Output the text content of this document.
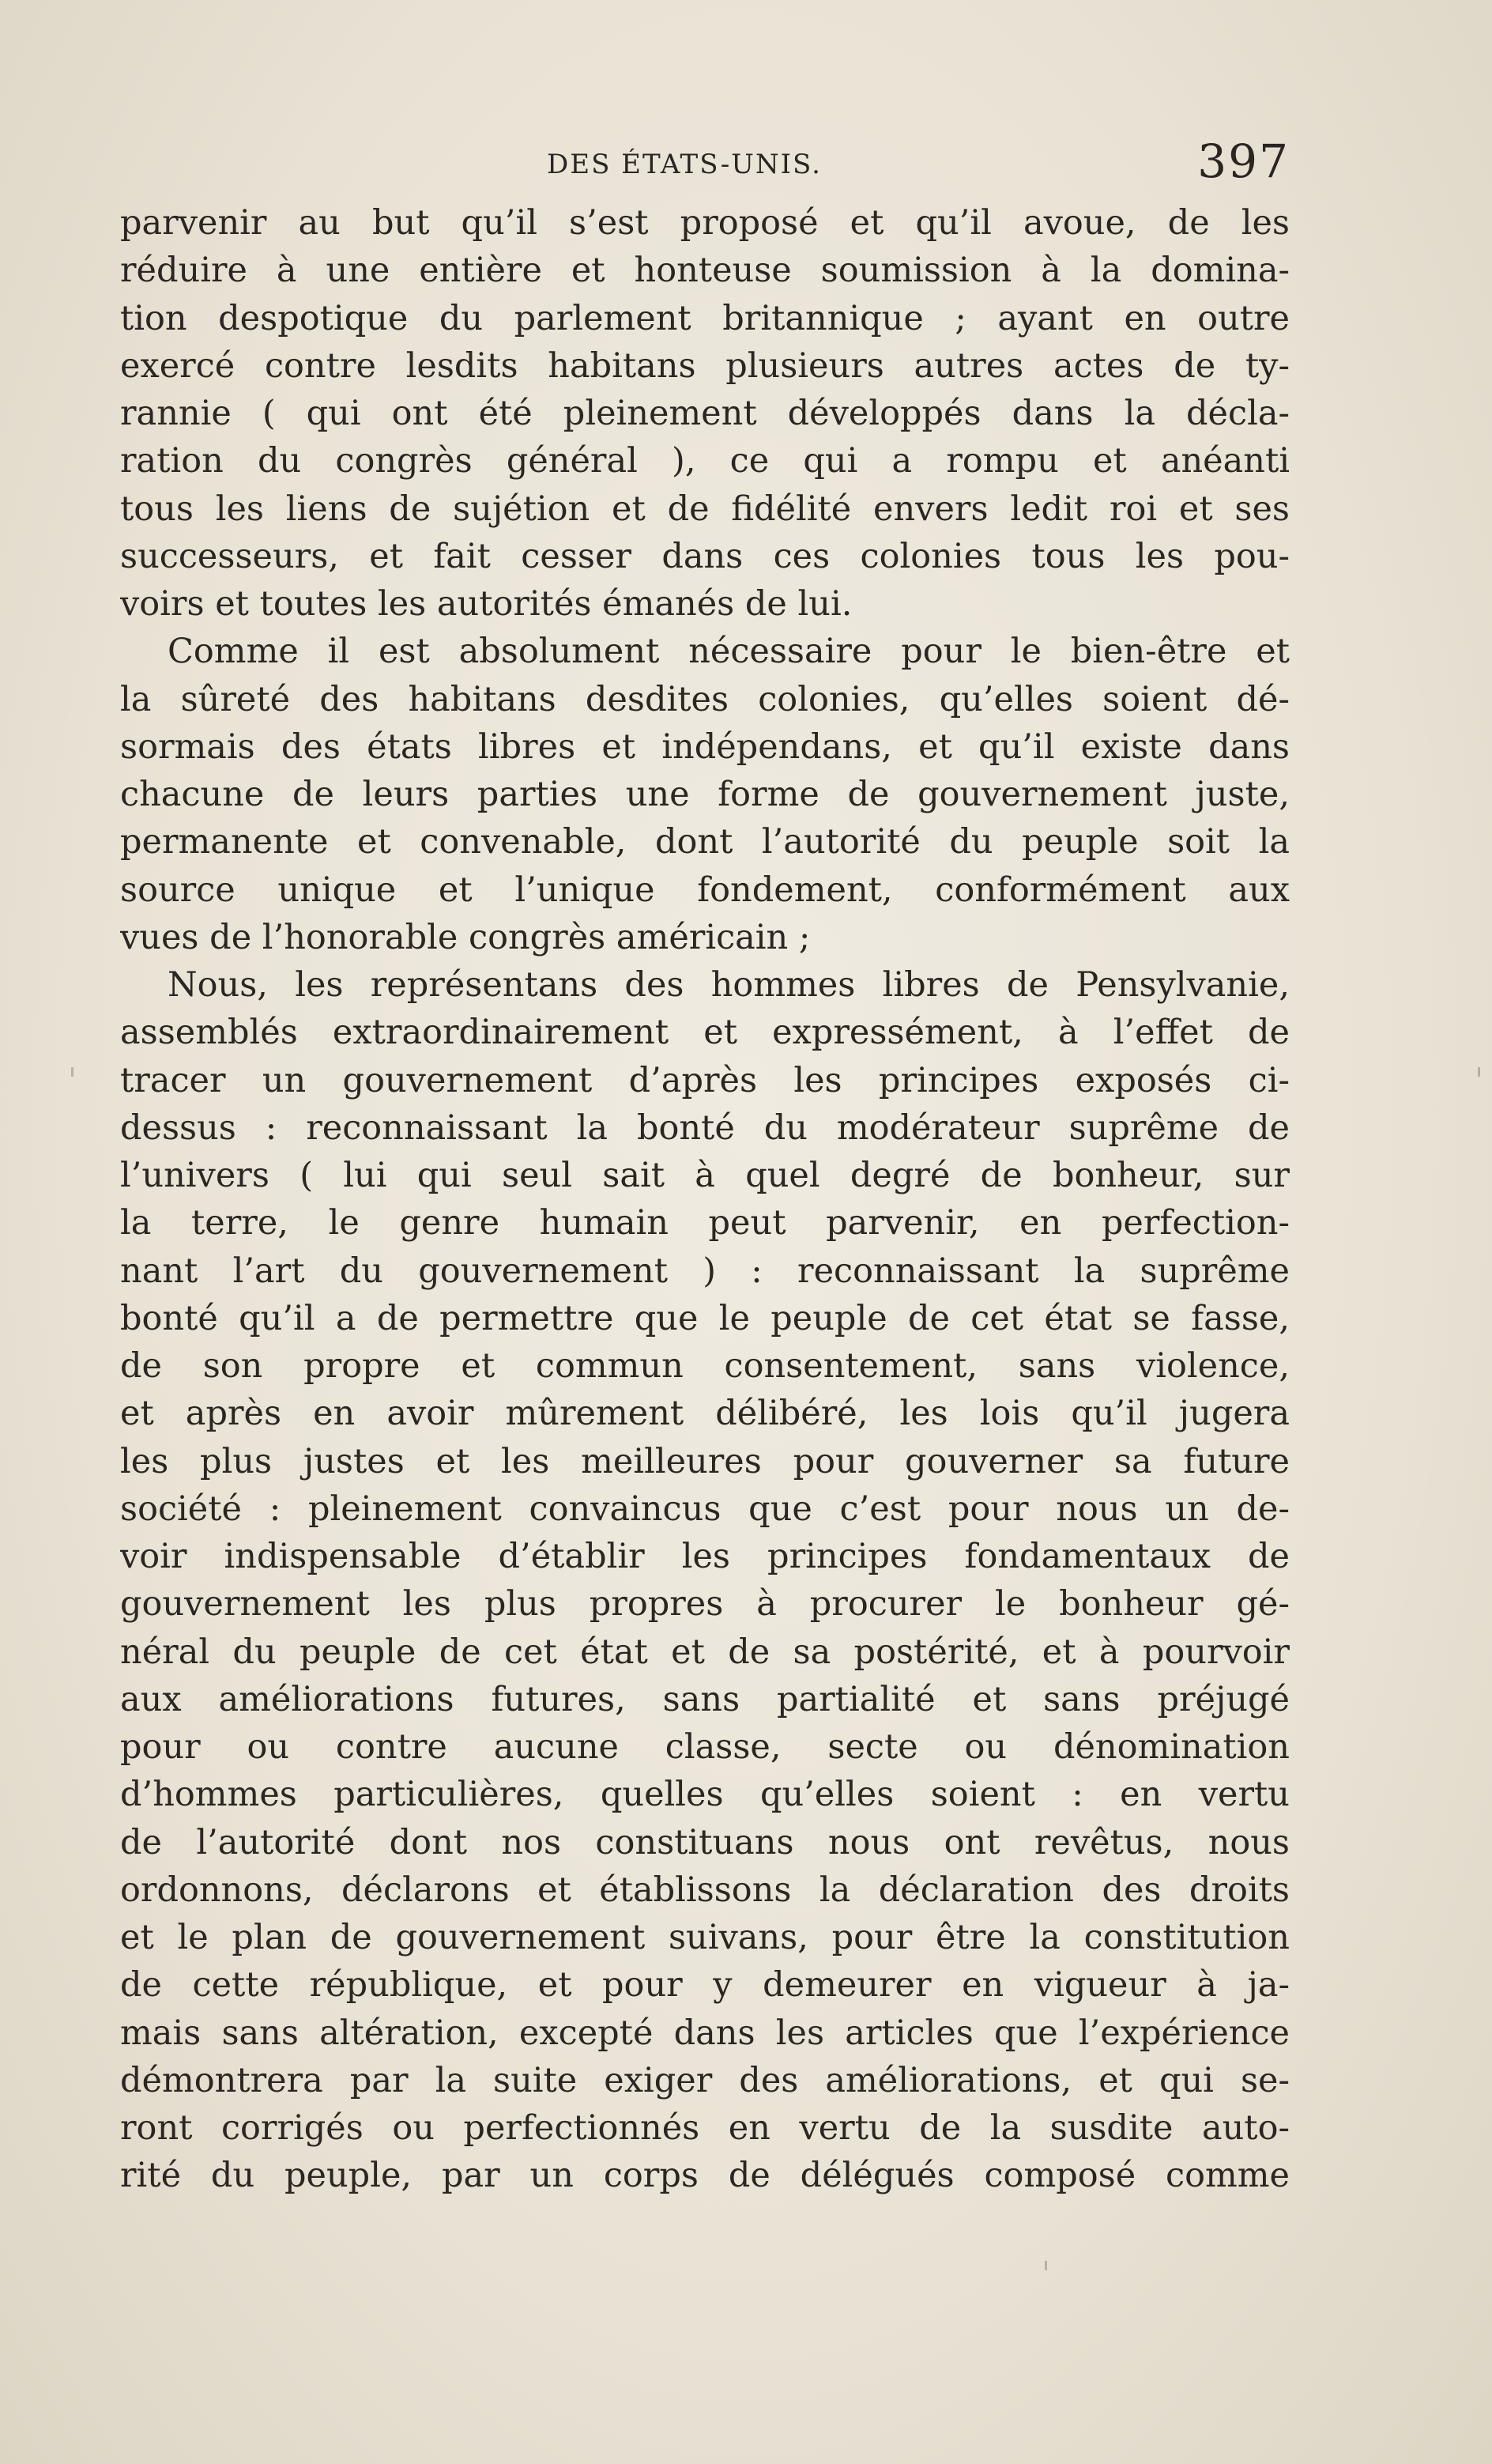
DES ÉTATS-UNIS.	397
parvenir au but qu’il s’est proposé et qu’il avoue, de les
réduire à une entière et honteuse soumission à la domina-
tion despotique du parlement britannique ; ayant en outre
exercé contre lesdits habitans plusieurs autres actes de ty-
rannie ( qui ont été pleinement développés dans la décla-
ration du congrès général ), ce qui a rompu et anéanti
tous les liens de sujétion et de fidélité envers ledit roi et ses
successeurs, et fait cesser dans ces colonies tous les pou-
voirs et toutes les autorités émanés de lui.
Comme il est absolument nécessaire pour le bien-être et
la sûreté des habitans desdites colonies, qu’elles soient dé-
sormais des états libres et indépendans, et qu’il existe dans
chacune de leurs parties une forme de gouvernement juste,
permanente et convenable, dont l’autorité du peuple soit la
source unique et l’unique fondement, conformément aux
vues de l’honorable congrès américain ;
Nous, les représentans des hommes libres de Pensylvanie,
assemblés extraordinairement et expressément, à l’effet de
tracer un gouvernement d’après les principes exposés ci-
dessus : reconnaissant la bonté du modérateur suprême de
l’univers ( lui qui seul sait à quel degré de bonheur, sur
la terre, le genre humain peut parvenir, en perfection-
nant l’art du gouvernement ) : reconnaissant la suprême
bonté qu’il a de permettre que le peuple de cet état se fasse,
de son propre et commun consentement, sans violence,
et après en avoir mûrement délibéré, les lois qu’il jugera
les plus justes et les meilleures pour gouverner sa future
société : pleinement convaincus que c’est pour nous un de-
voir indispensable d’établir les principes fondamentaux de
gouvernement les plus propres à procurer le bonheur gé-
néral du peuple de cet état et de sa postérité, et à pourvoir
aux améliorations futures, sans partialité et sans préjugé
pour ou contre aucune classe, secte ou dénomination
d’hommes particulières, quelles qu’elles soient : en vertu
de l’autorité dont nos constituans nous ont revêtus, nous
ordonnons, déclarons et établissons la déclaration des droits
et le plan de gouvernement suivans, pour être la constitution
de cette république, et pour y demeurer en vigueur à ja-
mais sans altération, excepté dans les articles que l’expérience
démontrera par la suite exiger des améliorations, et qui se-
ront corrigés ou perfectionnés en vertu de la susdite auto-
rité du peuple, par un corps de délégués composé comme
